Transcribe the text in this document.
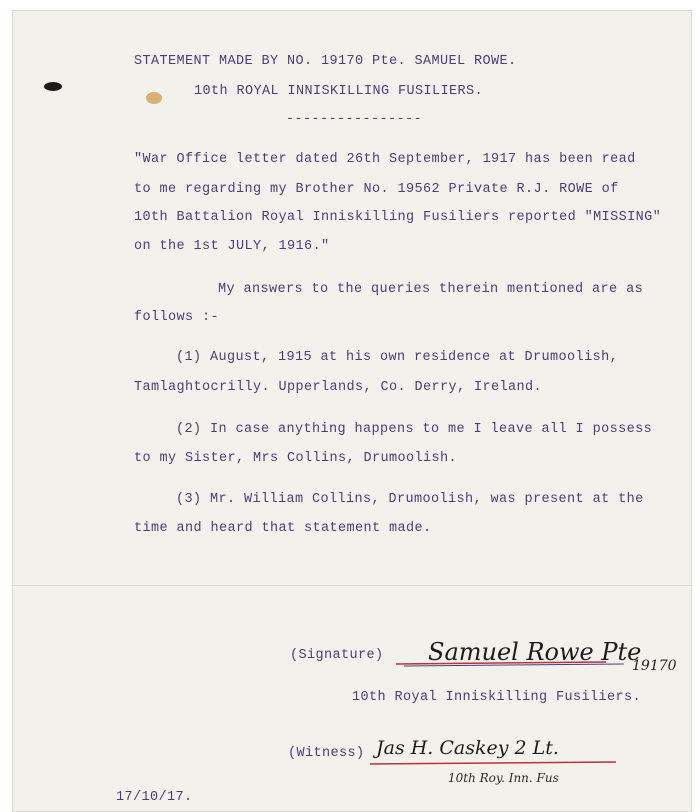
STATEMENT MADE BY NO. 19170 Pte. SAMUEL ROWE.
10th ROYAL INNISKILLING FUSILIERS.
----------------
"War Office letter dated 26th September, 1917 has been read
to me regarding my Brother No. 19562 Private R.J. ROWE of
10th Battalion Royal Inniskilling Fusiliers reported "MISSING"
on the 1st JULY, 1916."
My answers to the queries therein mentioned are as
follows :-
(1) August, 1915 at his own residence at Drumoolish,
Tamlaghtocrilly. Upperlands, Co. Derry, Ireland.
(2) In case anything happens to me I leave all I possess
to my Sister, Mrs Collins, Drumoolish.
(3) Mr. William Collins, Drumoolish, was present at the
time and heard that statement made.
(Signature) Samuel Rowe Pte
19170
10th Royal Inniskilling Fusiliers.
(Witness) Jas H. Caskey 2 Lt.
10th Roy. Inn. Fus
17/10/17.
